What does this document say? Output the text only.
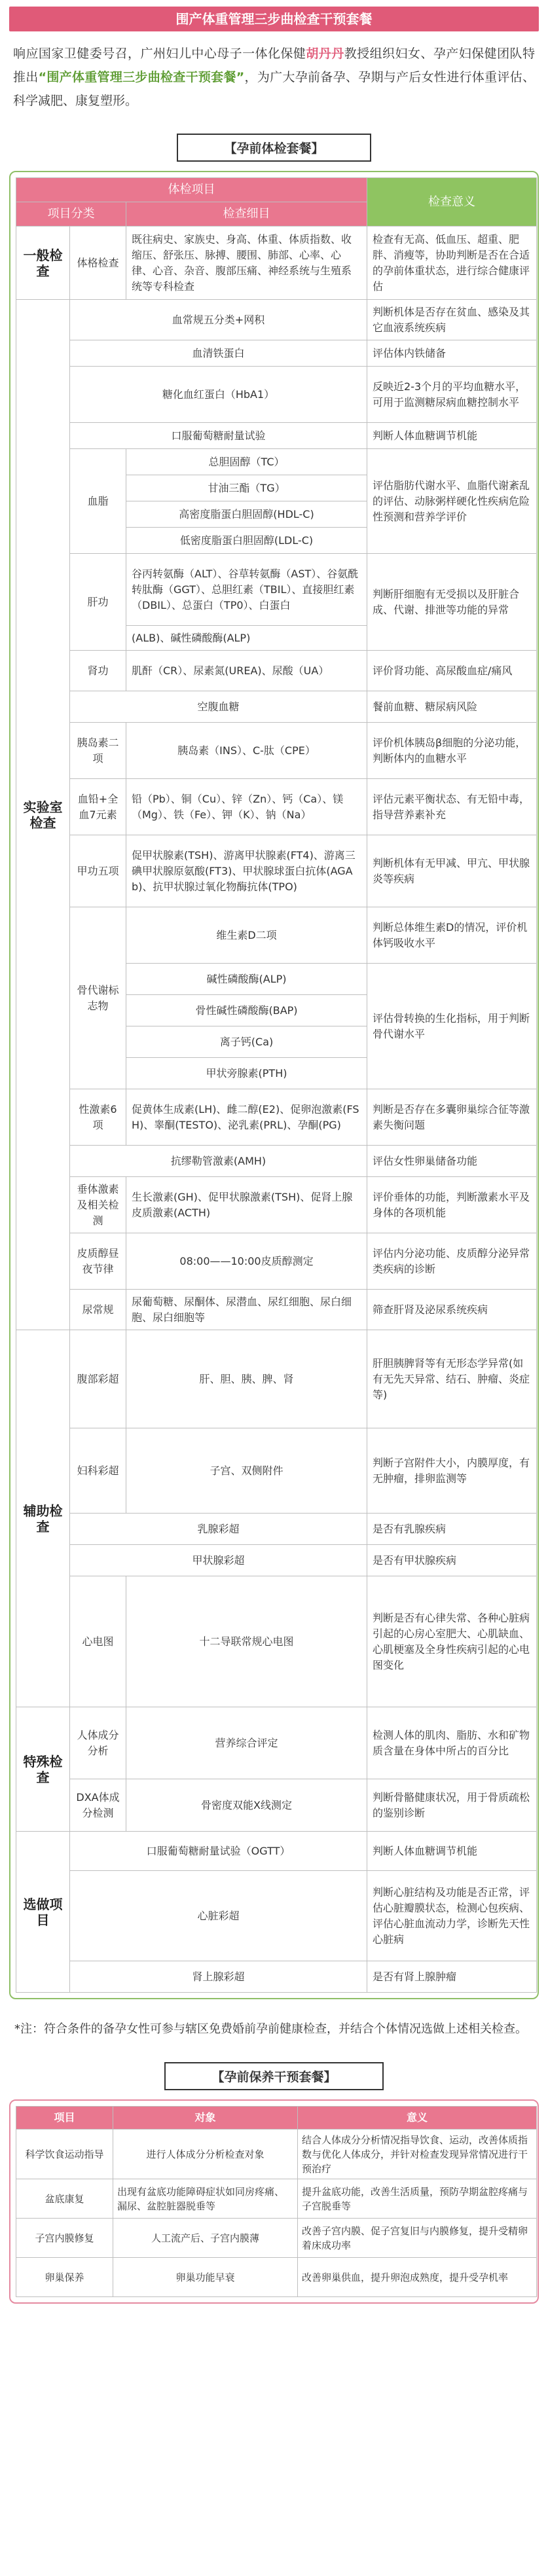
围产体重管理三步曲检查干预套餐
响应国家卫健委号召，广州妇儿中心母子一体化保健胡丹丹教授组织妇女、孕产妇保健团队特推出“围产体重管理三步曲检查干预套餐”，为广大孕前备孕、孕期与产后女性进行体重评估、科学减肥、康复塑形。
【孕前体检套餐】
体检项目			检查意义
项目分类		检查细目	
一般检查	体格检查	既往病史、家族史、身高、体重、体质指数、收缩压、舒张压、脉搏、腰围、肺部、心率、心律、心音、杂音、腹部压痛、神经系统与生殖系统等专科检查	检查有无高、低血压、超重、肥胖、消瘦等，协助判断是否在合适的孕前体重状态，进行综合健康评估
实验室检查	血常规五分类+网积		判断机体是否存在贫血、感染及其它血液系统疾病
	血清铁蛋白		评估体内铁储备
	糖化血红蛋白（HbA1）		反映近2-3个月的平均血糖水平，可用于监测糖尿病血糖控制水平
	口服葡萄糖耐量试验		判断人体血糖调节机能
	血脂	总胆固醇（TC）	评估脂肪代谢水平、血脂代谢紊乱的评估、动脉粥样硬化性疾病危险性预测和营养学评价
		甘油三酯（TG）	
		高密度脂蛋白胆固醇(HDL-C)	
		低密度脂蛋白胆固醇(LDL-C)	
	肝功	谷丙转氨酶（ALT）、谷草转氨酶（AST）、谷氨酰转肽酶（GGT）、总胆红素（TBIL）、直接胆红素（DBIL）、总蛋白（TP0）、白蛋白	判断肝细胞有无受损以及肝脏合成、代谢、排泄等功能的异常
		(ALB)、碱性磷酸酶(ALP)	
	肾功	肌酐（CR）、尿素氮(UREA)、尿酸（UA）	评价肾功能、高尿酸血症/痛风
	空腹血糖		餐前血糖、糖尿病风险
	胰岛素二项	胰岛素（INS）、C-肽（CPE）	评价机体胰岛β细胞的分泌功能，判断体内的血糖水平
	血铅+全血7元素	铅（Pb）、铜（Cu）、锌（Zn）、钙（Ca）、镁（Mg）、铁（Fe）、钾（K）、钠（Na）	评估元素平衡状态、有无铅中毒，指导营养素补充
	甲功五项	促甲状腺素(TSH)、游离甲状腺素(FT4)、游离三碘甲状腺原氨酸(FT3)、甲状腺球蛋白抗体(AGAb)、抗甲状腺过氧化物酶抗体(TPO)	判断机体有无甲减、甲亢、甲状腺炎等疾病
	骨代谢标志物	维生素D二项	判断总体维生素D的情况，评价机体钙吸收水平
		碱性磷酸酶(ALP)	评估骨转换的生化指标，用于判断骨代谢水平
		骨性碱性磷酸酶(BAP)	
		离子钙(Ca)	
		甲状旁腺素(PTH)	
	性激素6项	促黄体生成素(LH)、雌二醇(E2)、促卵泡激素(FSH)、睾酮(TESTO)、泌乳素(PRL)、孕酮(PG)	判断是否存在多囊卵巢综合征等激素失衡问题
	抗缪勒管激素(AMH)		评估女性卵巢储备功能
	垂体激素及相关检测	生长激素(GH)、促甲状腺激素(TSH)、促肾上腺皮质激素(ACTH)	评价垂体的功能，判断激素水平及身体的各项机能
	皮质醇昼夜节律	08:00——10:00皮质醇测定	评估内分泌功能、皮质醇分泌异常类疾病的诊断
	尿常规	尿葡萄糖、尿酮体、尿潜血、尿红细胞、尿白细胞、尿白细胞等	筛查肝肾及泌尿系统疾病
辅助检查	腹部彩超	肝、胆、胰、脾、肾	肝胆胰脾肾等有无形态学异常(如有无先天异常、结石、肿瘤、炎症等)
	妇科彩超	子宫、双侧附件	判断子宫附件大小，内膜厚度，有无肿瘤，排卵监测等
	乳腺彩超		是否有乳腺疾病
	甲状腺彩超		是否有甲状腺疾病
	心电图	十二导联常规心电图	判断是否有心律失常、各种心脏病引起的心房心室肥大、心肌缺血、心肌梗塞及全身性疾病引起的心电图变化
特殊检查	人体成分分析	营养综合评定	检测人体的肌肉、脂肪、水和矿物质含量在身体中所占的百分比
	DXA体成分检测	骨密度双能X线测定	判断骨骼健康状况，用于骨质疏松的鉴别诊断
选做项目	口服葡萄糖耐量试验（OGTT）		判断人体血糖调节机能
	心脏彩超		判断心脏结构及功能是否正常，评估心脏瓣膜状态，检测心包疾病、评估心脏血流动力学，诊断先天性心脏病
	肾上腺彩超		是否有肾上腺肿瘤
*注：符合条件的备孕女性可参与辖区免费婚前孕前健康检查，并结合个体情况选做上述相关检查。
【孕前保养干预套餐】
项目	对象	意义
科学饮食运动指导	进行人体成分分析检查对象	结合人体成分分析情况指导饮食、运动，改善体质指数与优化人体成分，并针对检查发现异常情况进行干预治疗
盆底康复	出现有盆底功能障碍症状如同房疼痛、漏尿、盆腔脏器脱垂等	提升盆底功能，改善生活质量，预防孕期盆腔疼痛与子宫脱垂等
子宫内膜修复	人工流产后、子宫内膜薄	改善子宫内膜、促子宫复旧与内膜修复，提升受精卵着床成功率
卵巢保养	卵巢功能早衰	改善卵巢供血，提升卵泡成熟度，提升受孕机率
